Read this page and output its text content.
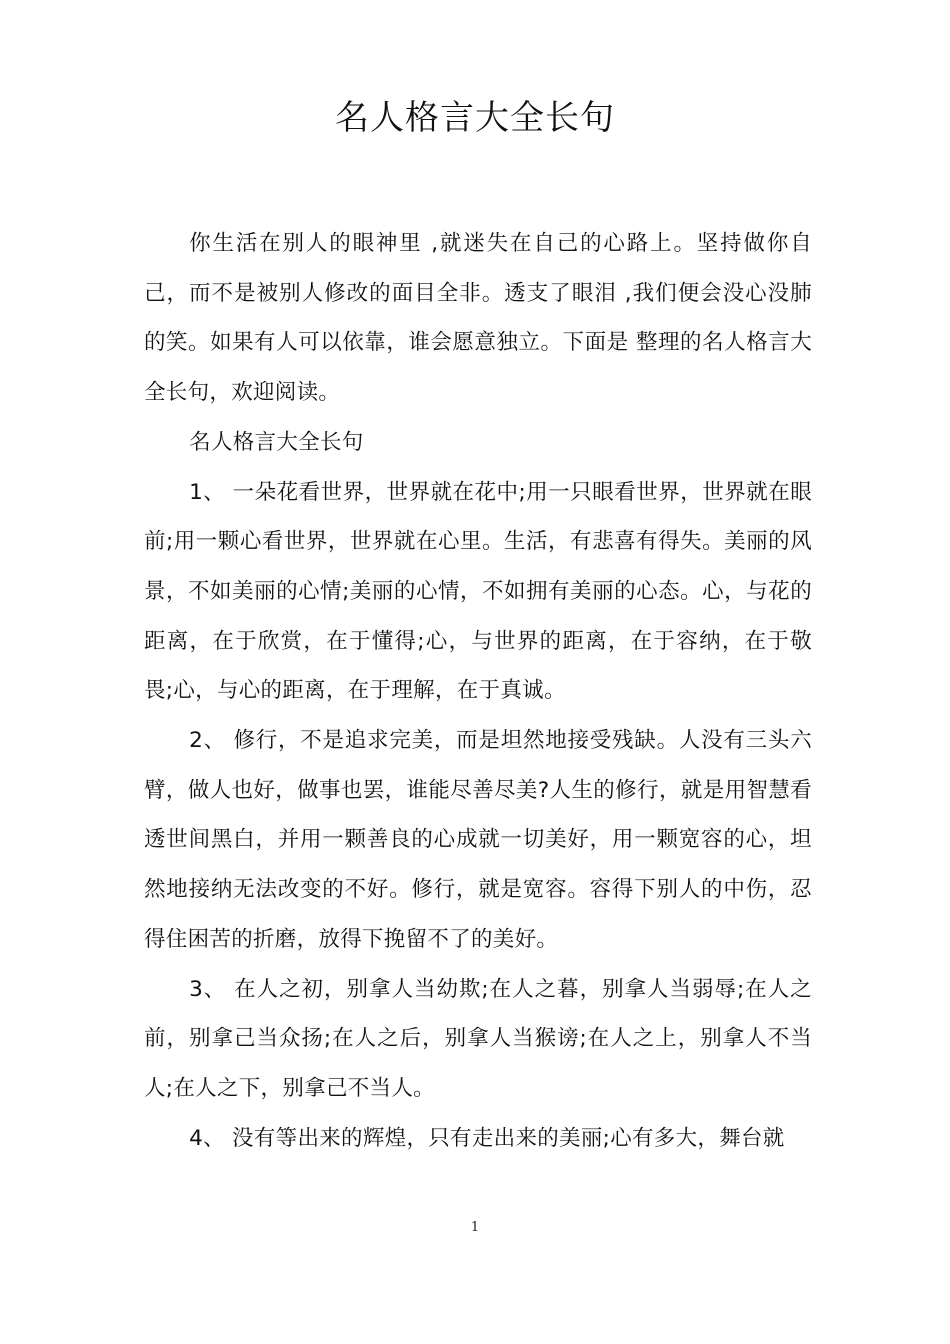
名人格言大全长句

你生活在别人的眼神里 ,就迷失在自己的心路上。坚持做你自己，而不是被别人修改的面目全非。透支了眼泪 ,我们便会没心没肺的笑。如果有人可以依靠，谁会愿意独立。下面是 整理的名人格言大全长句，欢迎阅读。

名人格言大全长句

1、 一朵花看世界，世界就在花中;用一只眼看世界，世界就在眼前;用一颗心看世界，世界就在心里。生活，有悲喜有得失。美丽的风景，不如美丽的心情;美丽的心情，不如拥有美丽的心态。心，与花的距离，在于欣赏，在于懂得;心，与世界的距离，在于容纳，在于敬畏;心，与心的距离，在于理解，在于真诚。

2、 修行，不是追求完美，而是坦然地接受残缺。人没有三头六臂，做人也好，做事也罢，谁能尽善尽美?人生的修行，就是用智慧看透世间黑白，并用一颗善良的心成就一切美好，用一颗宽容的心，坦然地接纳无法改变的不好。修行，就是宽容。容得下别人的中伤，忍得住困苦的折磨，放得下挽留不了的美好。

3、 在人之初，别拿人当幼欺;在人之暮，别拿人当弱辱;在人之前，别拿己当众扬;在人之后，别拿人当猴谤;在人之上，别拿人不当人;在人之下，别拿己不当人。

4、 没有等出来的辉煌，只有走出来的美丽;心有多大，舞台就

1
